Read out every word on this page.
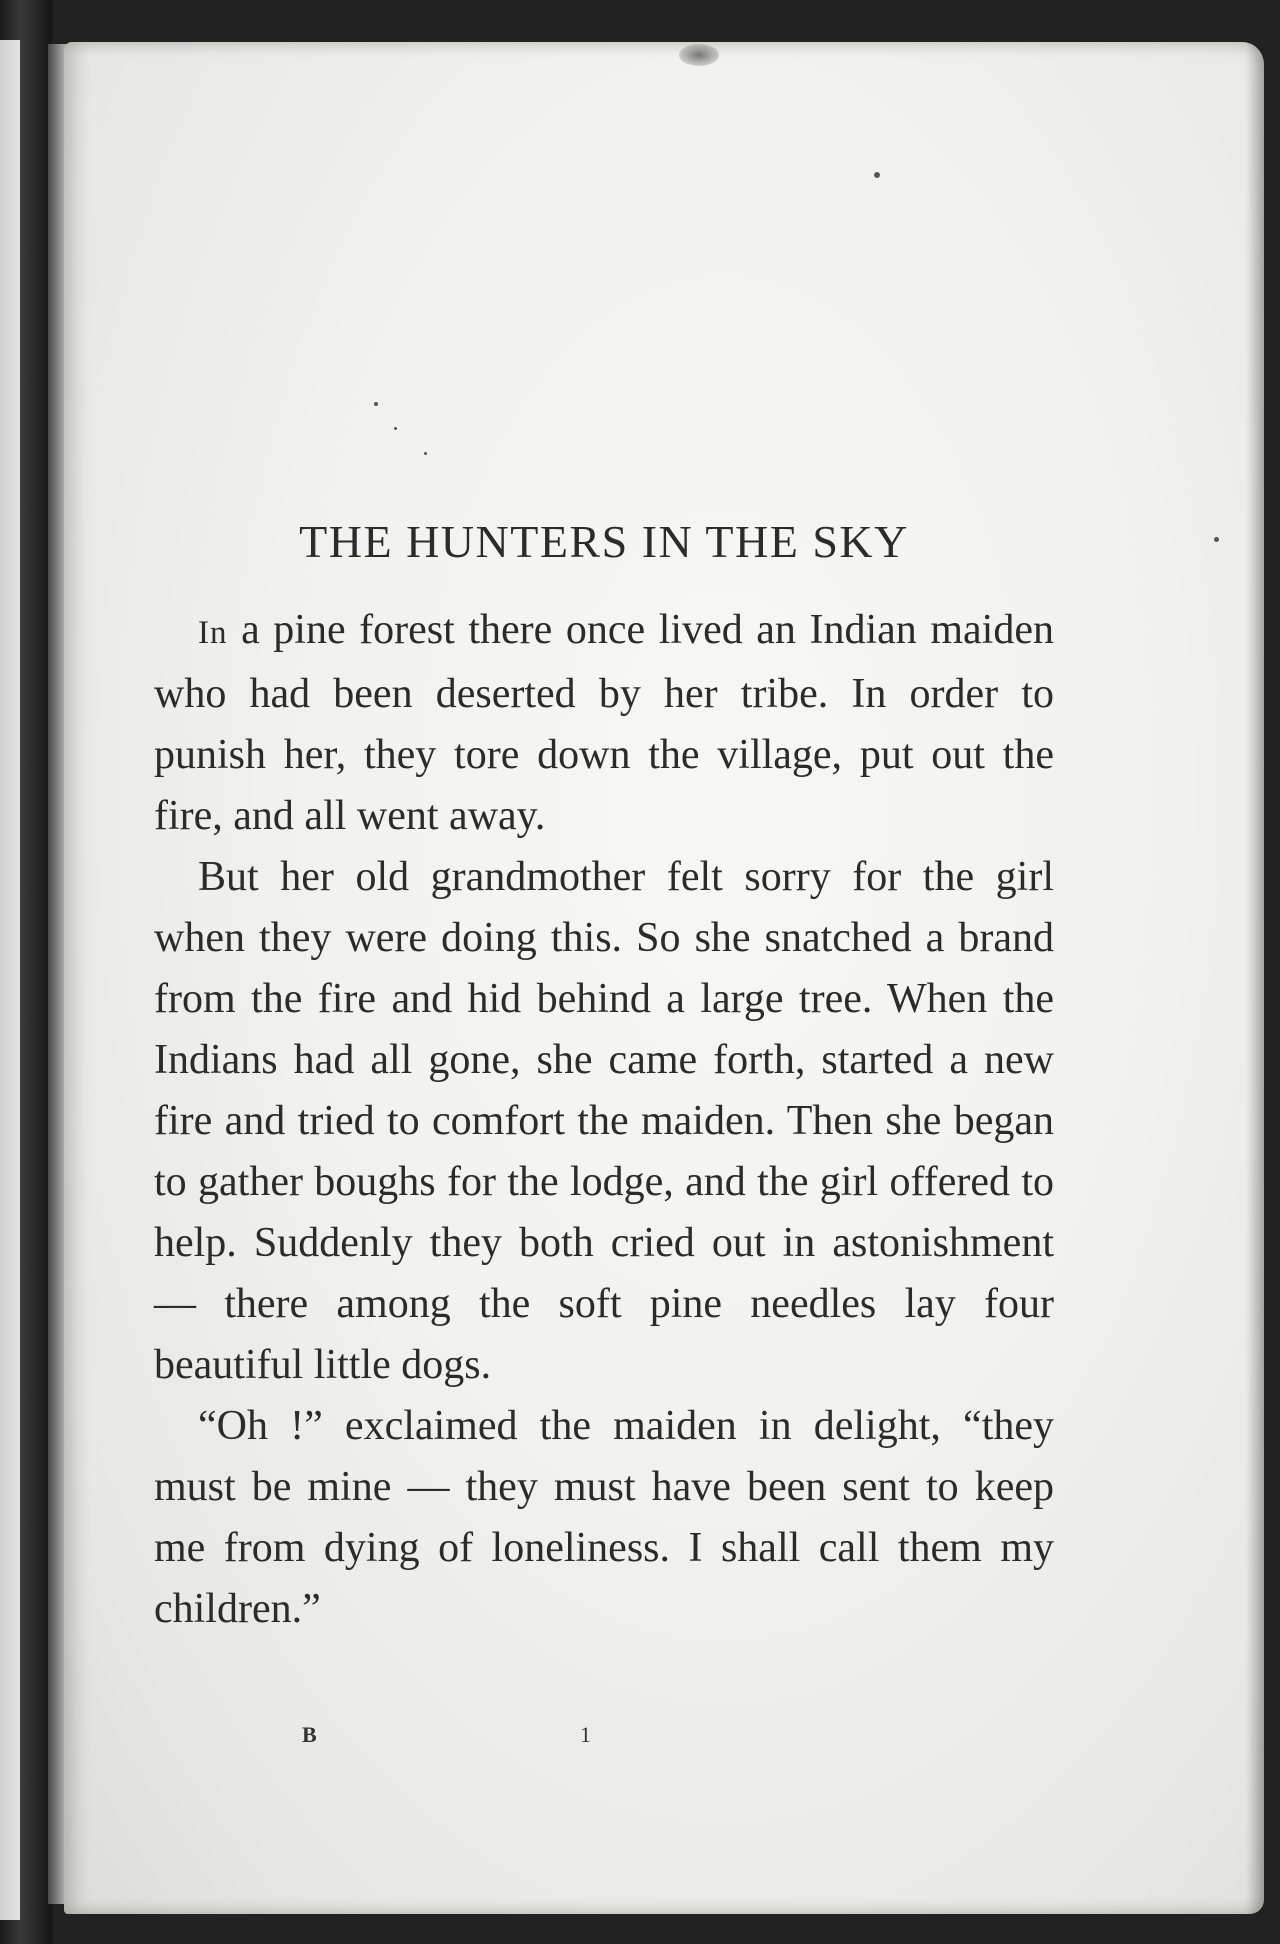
THE HUNTERS IN THE SKY

In a pine forest there once lived an Indian maiden who had been deserted by her tribe. In order to punish her, they tore down the village, put out the fire, and all went away.

But her old grandmother felt sorry for the girl when they were doing this. So she snatched a brand from the fire and hid behind a large tree. When the Indians had all gone, she came forth, started a new fire and tried to comfort the maiden. Then she began to gather boughs for the lodge, and the girl offered to help. Suddenly they both cried out in astonishment — there among the soft pine needles lay four beautiful little dogs.

“Oh !” exclaimed the maiden in delight, “they must be mine — they must have been sent to keep me from dying of loneliness. I shall call them my children.”

B	1
